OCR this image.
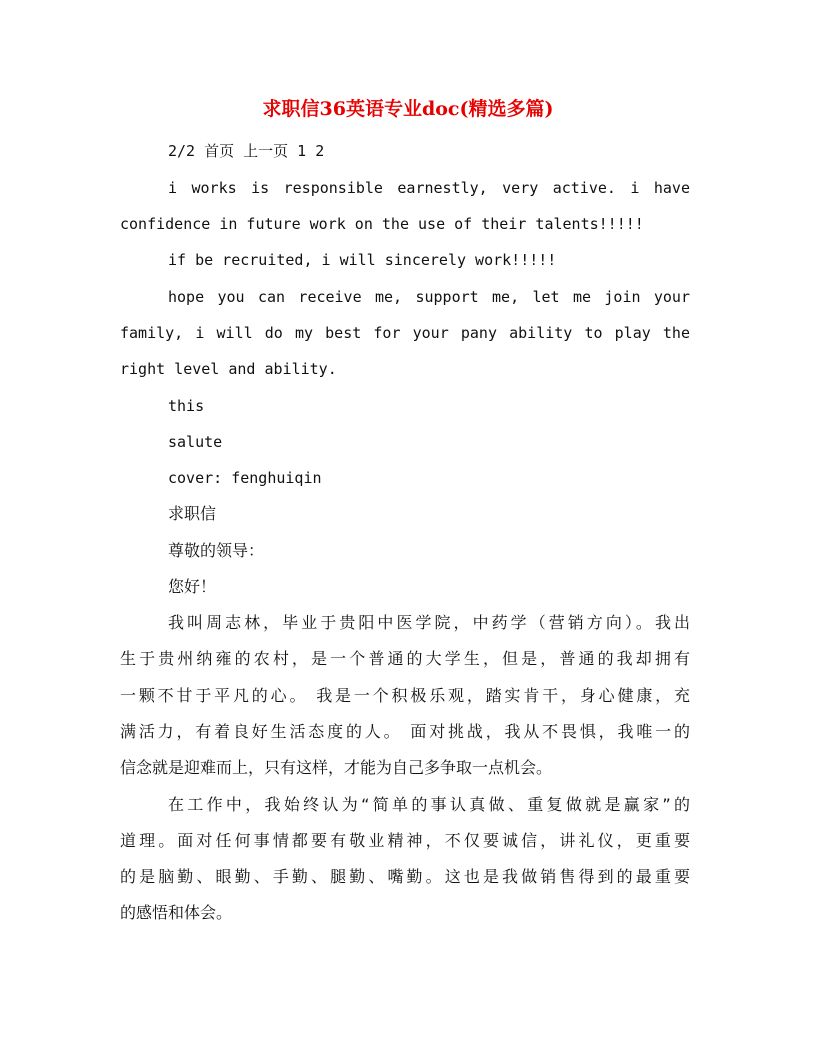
求职信36英语专业doc(精选多篇)
2/2 首页 上一页 1 2
i works is responsible earnestly, very active. i have
confidence in future work on the use of their talents!!!!!
if be recruited, i will sincerely work!!!!!
hope you can receive me, support me, let me join your
family, i will do my best for your pany ability to play the
right level and ability.
this
salute
cover: fenghuiqin
求职信
尊敬的领导：
您好！
我叫周志林，毕业于贵阳中医学院，中药学（营销方向）。我出
生于贵州纳雍的农村，是一个普通的大学生，但是，普通的我却拥有
一颗不甘于平凡的心。 我是一个积极乐观，踏实肯干，身心健康，充
满活力，有着良好生活态度的人。 面对挑战，我从不畏惧，我唯一的
信念就是迎难而上，只有这样，才能为自己多争取一点机会。
在工作中，我始终认为“简单的事认真做、重复做就是赢家”的
道理。面对任何事情都要有敬业精神，不仅要诚信，讲礼仪，更重要
的是脑勤、眼勤、手勤、腿勤、嘴勤。这也是我做销售得到的最重要
的感悟和体会。
